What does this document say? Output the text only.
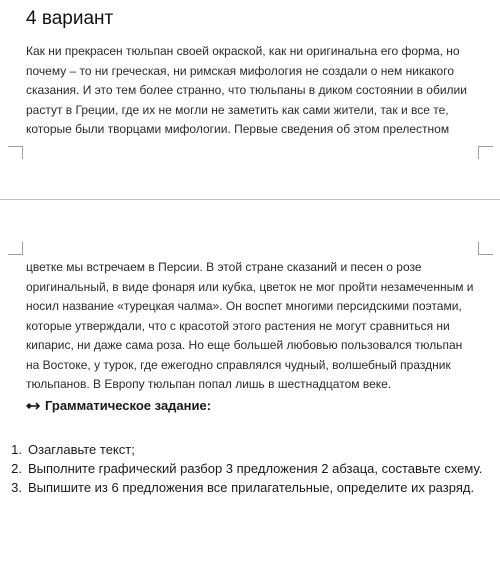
4 вариант

Как ни прекрасен тюльпан своей окраской, как ни оригинальна его форма, но почему – то ни греческая, ни римская мифология не создали о нем никакого сказания. И это тем более странно, что тюльпаны в диком состоянии в обилии растут в Греции, где их не могли не заметить как сами жители, так и все те, которые были творцами мифологии. Первые сведения об этом прелестном

цветке мы встречаем в Персии. В этой стране сказаний и песен о розе оригинальный, в виде фонаря или кубка, цветок не мог пройти незамеченным и носил название «турецкая чалма». Он воспет многими персидскими поэтами, которые утверждали, что с красотой этого растения не могут сравниться ни кипарис, ни даже сама роза. Но еще большей любовью пользовался тюльпан на Востоке, у турок, где ежегодно справлялся чудный, волшебный праздник тюльпанов. В Европу тюльпан попал лишь в шестнадцатом веке.

Грамматическое задание:
1. Озаглавьте текст;
2. Выполните графический разбор 3 предложения 2 абзаца, составьте схему.
3. Выпишите из 6 предложения все прилагательные, определите их разряд.
